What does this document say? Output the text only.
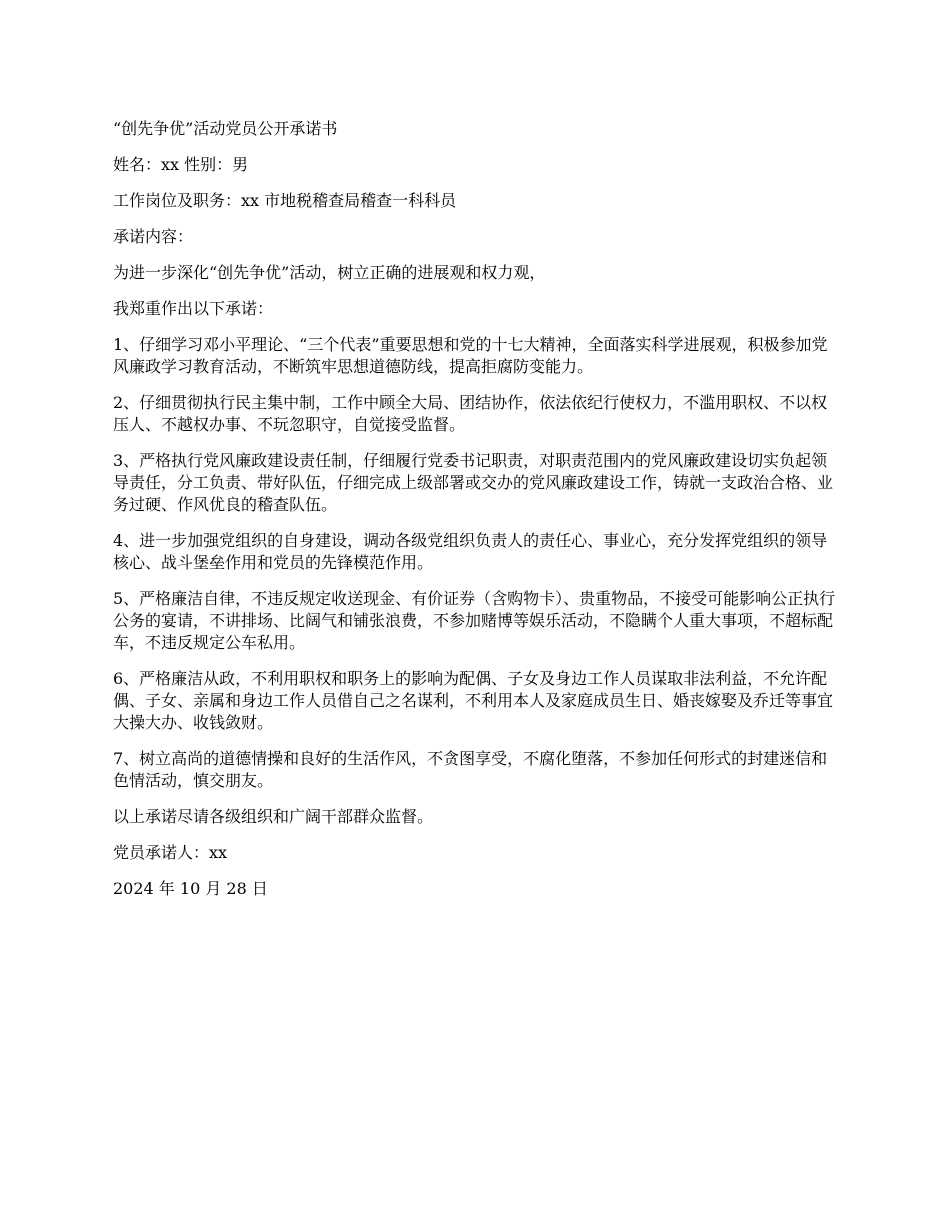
“创先争优”活动党员公开承诺书

姓名：xx 性别：男

工作岗位及职务：xx 市地税稽查局稽查一科科员

承诺内容：

为进一步深化“创先争优”活动，树立正确的进展观和权力观，

我郑重作出以下承诺：

1、仔细学习邓小平理论、“三个代表”重要思想和党的十七大精神，全面落实科学进展观，积极参加党风廉政学习教育活动，不断筑牢思想道德防线，提高拒腐防变能力。

2、仔细贯彻执行民主集中制，工作中顾全大局、团结协作，依法依纪行使权力，不滥用职权、不以权压人、不越权办事、不玩忽职守，自觉接受监督。

3、严格执行党风廉政建设责任制，仔细履行党委书记职责，对职责范围内的党风廉政建设切实负起领导责任，分工负责、带好队伍，仔细完成上级部署或交办的党风廉政建设工作，铸就一支政治合格、业务过硬、作风优良的稽查队伍。

4、进一步加强党组织的自身建设，调动各级党组织负责人的责任心、事业心，充分发挥党组织的领导核心、战斗堡垒作用和党员的先锋模范作用。

5、严格廉洁自律，不违反规定收送现金、有价证券（含购物卡）、贵重物品，不接受可能影响公正执行公务的宴请，不讲排场、比阔气和铺张浪费，不参加赌博等娱乐活动，不隐瞒个人重大事项，不超标配车，不违反规定公车私用。

6、严格廉洁从政，不利用职权和职务上的影响为配偶、子女及身边工作人员谋取非法利益，不允许配偶、子女、亲属和身边工作人员借自己之名谋利，不利用本人及家庭成员生日、婚丧嫁娶及乔迁等事宜大操大办、收钱敛财。

7、树立高尚的道德情操和良好的生活作风，不贪图享受，不腐化堕落，不参加任何形式的封建迷信和色情活动，慎交朋友。

以上承诺尽请各级组织和广阔干部群众监督。

党员承诺人：xx

2024 年 10 月 28 日
